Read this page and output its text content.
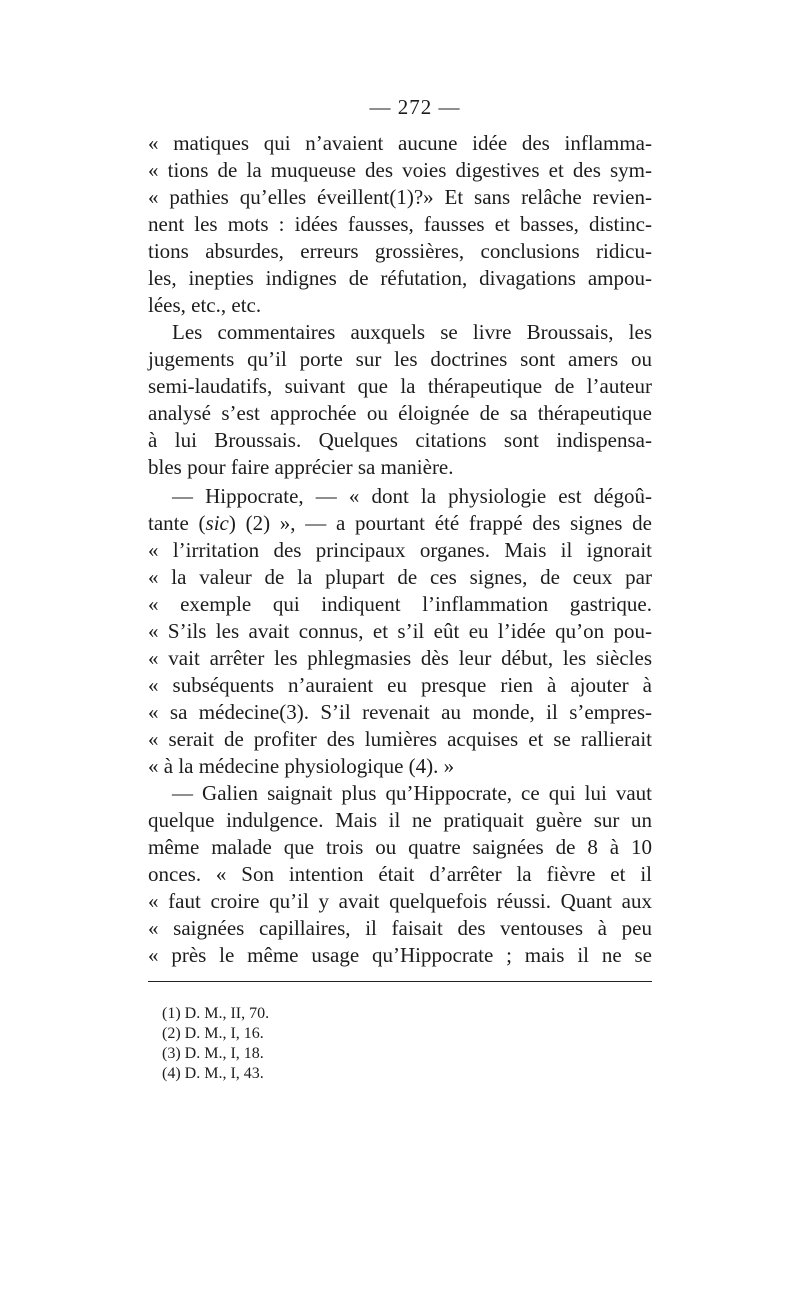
— 272 —
« matiques qui n’avaient aucune idée des inflamma-
« tions de la muqueuse des voies digestives et des sym-
« pathies qu’elles éveillent(1)?» Et sans relâche revien-
nent les mots : idées fausses, fausses et basses, distinc-
tions absurdes, erreurs grossières, conclusions ridicu-
les, inepties indignes de réfutation, divagations ampou-
lées, etc., etc.
Les commentaires auxquels se livre Broussais, les
jugements qu’il porte sur les doctrines sont amers ou
semi-laudatifs, suivant que la thérapeutique de l’auteur
analysé s’est approchée ou éloignée de sa thérapeutique
à lui Broussais. Quelques citations sont indispensa-
bles pour faire apprécier sa manière.
— Hippocrate, — « dont la physiologie est dégoû-
tante (sic) (2) », — a pourtant été frappé des signes de
« l’irritation des principaux organes. Mais il ignorait
« la valeur de la plupart de ces signes, de ceux par
« exemple qui indiquent l’inflammation gastrique.
« S’ils les avait connus, et s’il eût eu l’idée qu’on pou-
« vait arrêter les phlegmasies dès leur début, les siècles
« subséquents n’auraient eu presque rien à ajouter à
« sa médecine(3). S’il revenait au monde, il s’empres-
« serait de profiter des lumières acquises et se rallierait
« à la médecine physiologique (4). »
— Galien saignait plus qu’Hippocrate, ce qui lui vaut
quelque indulgence. Mais il ne pratiquait guère sur un
même malade que trois ou quatre saignées de 8 à 10
onces. « Son intention était d’arrêter la fièvre et il
« faut croire qu’il y avait quelquefois réussi. Quant aux
« saignées capillaires, il faisait des ventouses à peu
« près le même usage qu’Hippocrate ; mais il ne se
(1) D. M., II, 70.
(2) D. M., I, 16.
(3) D. M., I, 18.
(4) D. M., I, 43.
